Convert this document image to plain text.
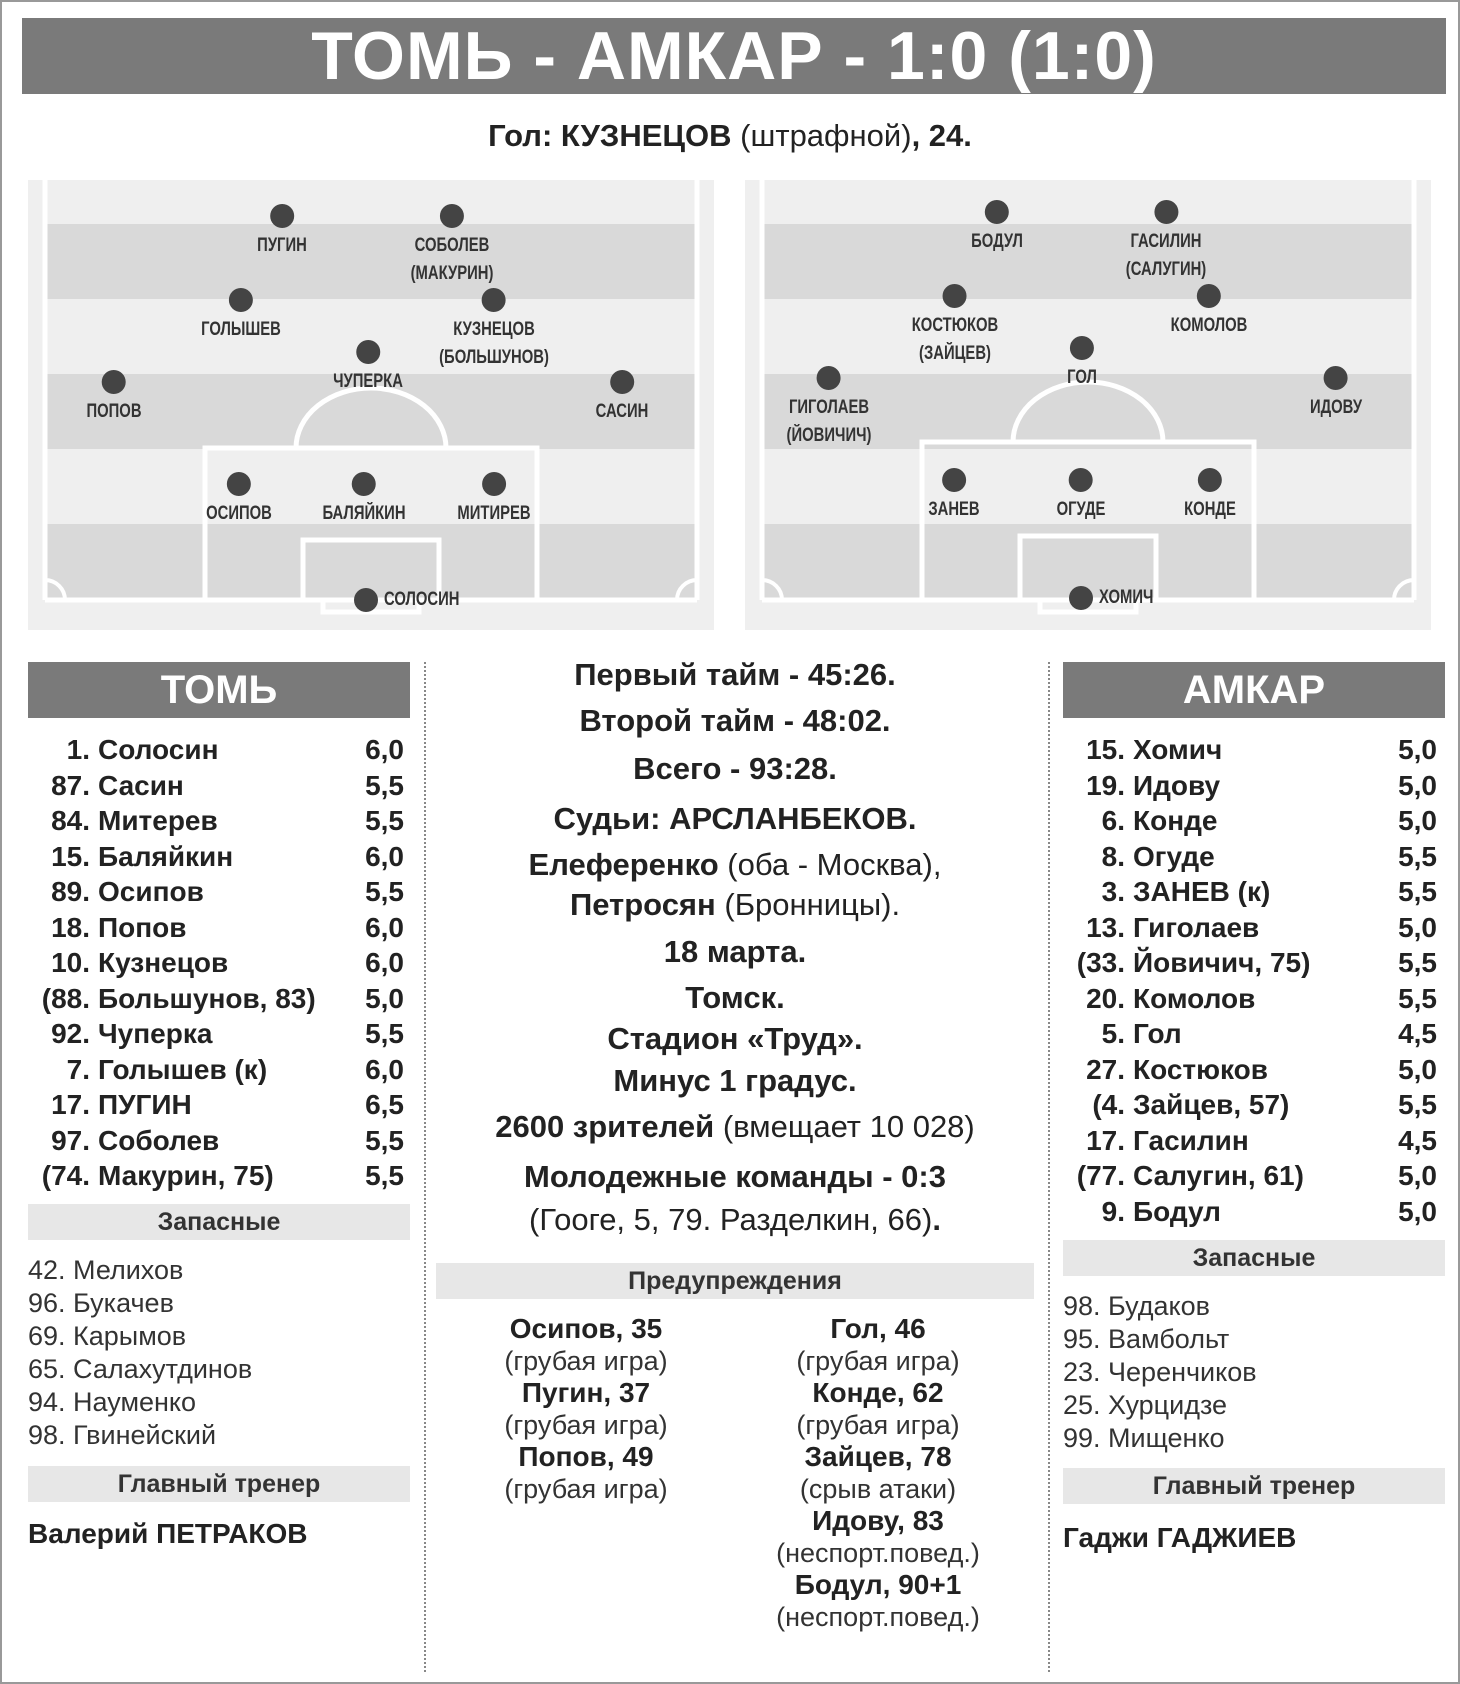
ТОМЬ - АМКАР - 1:0 (1:0)
Гол: КУЗНЕЦОВ (штрафной), 24.
ПУГИН	СОБОЛЕВ
(МАКУРИН)
ГОЛЫШЕВ	КУЗНЕЦОВ
(БОЛЬШУНОВ)
ЧУПЕРКА
ПОПОВ	САСИН
ОСИПОВ	БАЛЯЙКИН	МИТИРЕВ
СОЛОСИН
БОДУЛ	ГАСИЛИН
(САЛУГИН)
КОСТЮКОВ
(ЗАЙЦЕВ)
КОМОЛОВ
ГОЛ
ГИГОЛАЕВ
(ЙОВИЧИЧ)
ИДОВУ
ЗАНЕВ	ОГУДЕ	КОНДЕ
ХОМИЧ
ТОМЬ
1. Солосин	6,0
87. Сасин	5,5
84. Митерев	5,5
15. Баляйкин	6,0
89. Осипов	5,5
18. Попов	6,0
10. Кузнецов	6,0
(88. Большунов, 83) 5,0
92. Чуперка	5,5
7. Голышев (к)	6,0
17. ПУГИН	6,5
97. Соболев	5,5
(74. Макурин, 75)	5,5
Запасные
42. Мелихов
96. Букачев
69. Карымов
65. Салахутдинов
94. Науменко
98. Гвинейский
Главный тренер
Валерий ПЕТРАКОВ
Первый тайм - 45:26.
Второй тайм - 48:02.
Всего - 93:28.
Судьи: АРСЛАНБЕКОВ.
Елеференко (оба - Москва),
Петросян (Бронницы).
18 марта.
Томск.
Стадион «Труд».
Минус 1 градус.
2600 зрителей (вмещает 10 028)
Молодежные команды - 0:3
(Гооге, 5, 79. Разделкин, 66).
Предупреждения
Осипов, 35
(грубая игра)
Пугин, 37
(грубая игра)
Попов, 49
(грубая игра)
Гол, 46
(грубая игра)
Конде, 62
(грубая игра)
Зайцев, 78
(срыв атаки)
Идову, 83
(неспорт.повед.)
Бодул, 90+1
(неспорт.повед.)
АМКАР
15. Хомич	5,0
19. Идову	5,0
6. Конде	5,0
8. Огуде	5,5
3. ЗАНЕВ (к)	5,5
13. Гиголаев	5,0
(33. Йовичич, 75)	5,5
20. Комолов	5,5
5. Гол	4,5
27. Костюков	5,0
(4. Зайцев, 57)	5,5
17. Гасилин	4,5
(77. Салугин, 61)	5,0
9. Бодул	5,0
Запасные
98. Будаков
95. Вамбольт
23. Черенчиков
25. Хурцидзе
99. Мищенко
Главный тренер
Гаджи ГАДЖИЕВ
